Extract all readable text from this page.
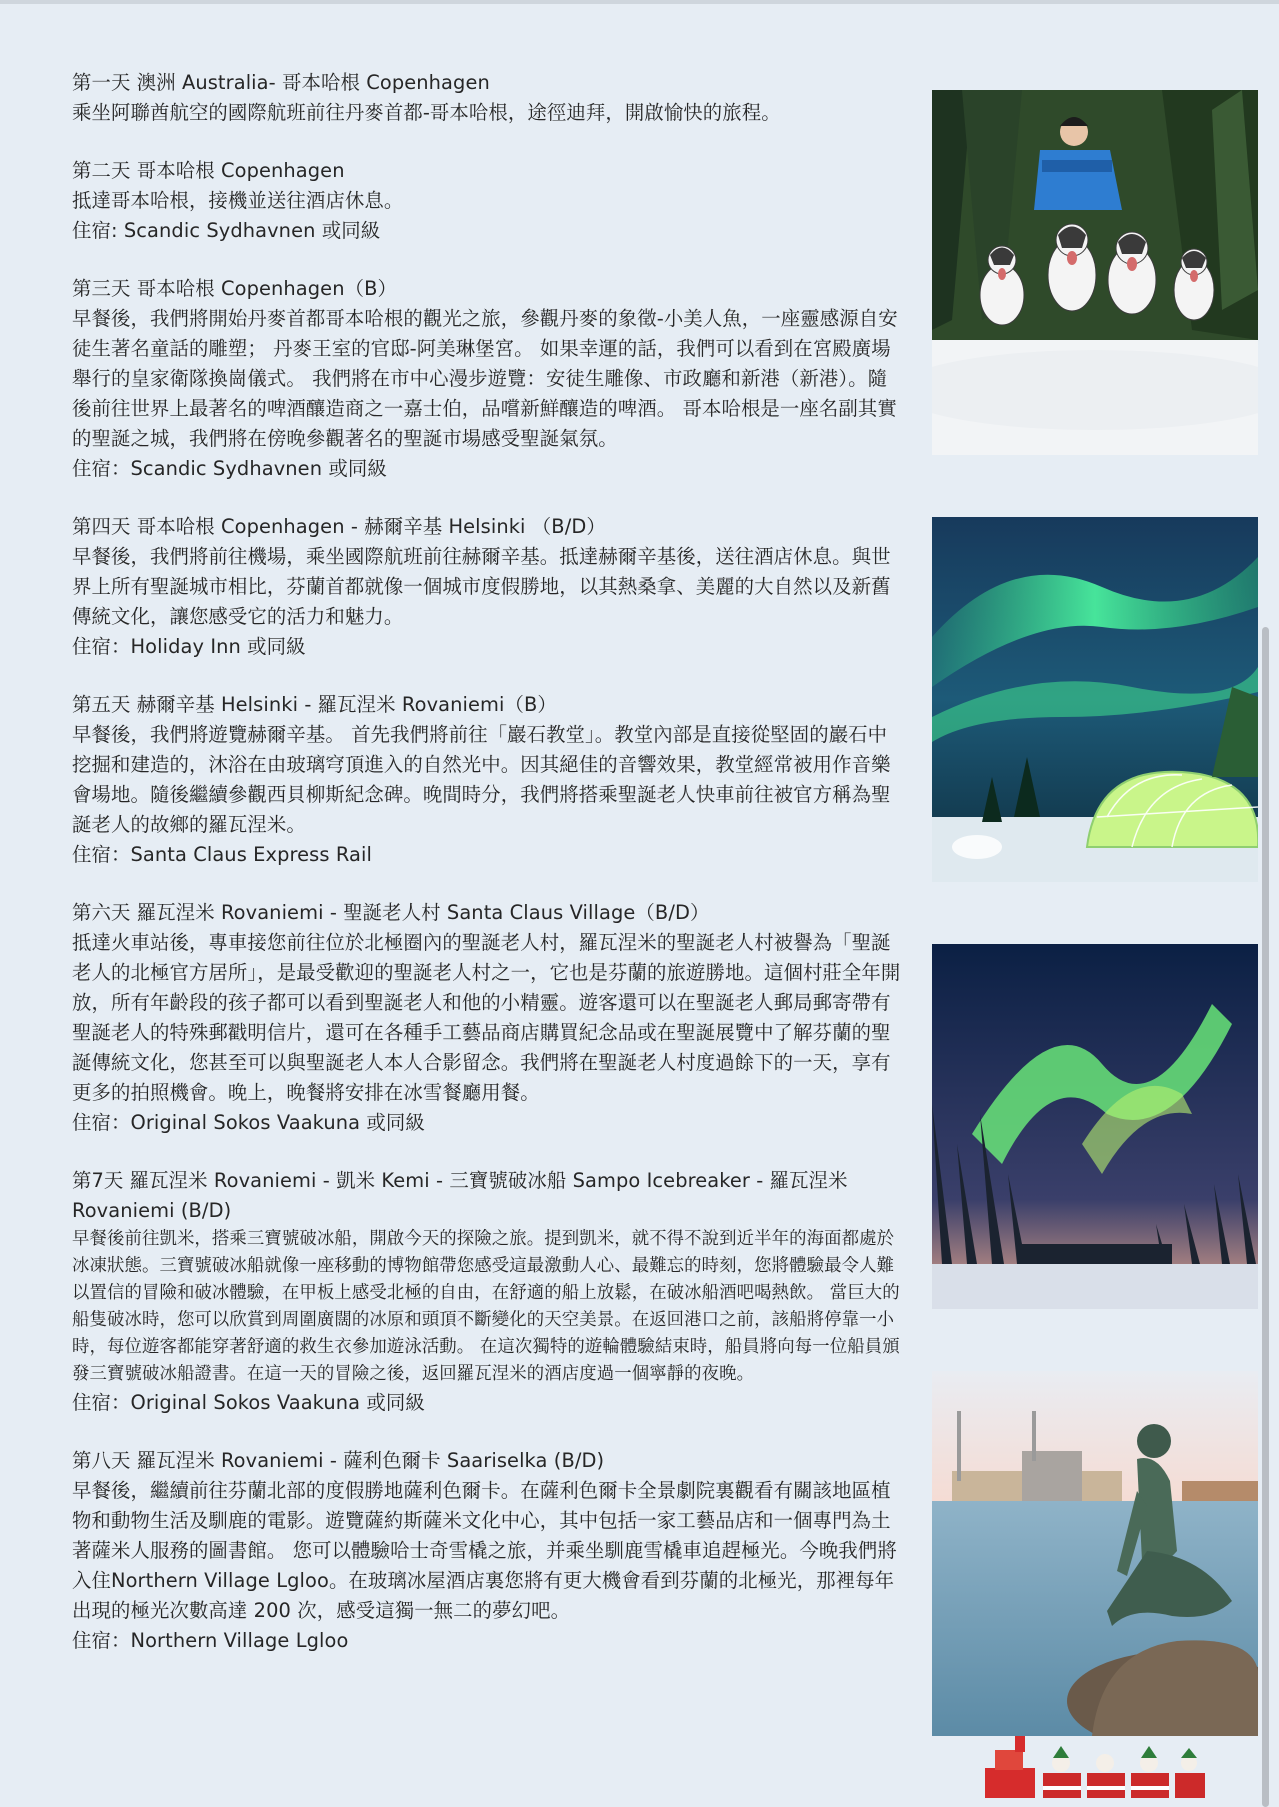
第一天 澳洲 Australia- 哥本哈根 Copenhagen

乘坐阿聯酋航空的國際航班前往丹麥首都-哥本哈根，途徑迪拜，開啟愉快的旅程。

第二天 哥本哈根 Copenhagen

抵達哥本哈根，接機並送往酒店休息。

住宿: Scandic Sydhavnen 或同級

第三天 哥本哈根 Copenhagen（B）

早餐後，我們將開始丹麥首都哥本哈根的觀光之旅，參觀丹麥的象徵-小美人魚，一座靈感源自安徒生著名童話的雕塑； 丹麥王室的官邸-阿美琳堡宮。 如果幸運的話，我們可以看到在宮殿廣場舉行的皇家衛隊換崗儀式。 我們將在市中心漫步遊覽：安徒生雕像、市政廳和新港（新港）。隨後前往世界上最著名的啤酒釀造商之一嘉士伯，品嚐新鮮釀造的啤酒。 哥本哈根是一座名副其實的聖誕之城，我們將在傍晚參觀著名的聖誕市場感受聖誕氣氛。

住宿：Scandic Sydhavnen 或同級

第四天 哥本哈根 Copenhagen - 赫爾辛基 Helsinki （B/D）

早餐後，我們將前往機場，乘坐國際航班前往赫爾辛基。抵達赫爾辛基後，送往酒店休息。與世界上所有聖誕城市相比，芬蘭首都就像一個城市度假勝地，以其熱桑拿、美麗的大自然以及新舊傳統文化，讓您感受它的活力和魅力。

住宿：Holiday Inn 或同級

第五天 赫爾辛基 Helsinki - 羅瓦涅米 Rovaniemi（B）

早餐後，我們將遊覽赫爾辛基。 首先我們將前往「巖石教堂」。教堂內部是直接從堅固的巖石中挖掘和建造的，沐浴在由玻璃穹頂進入的自然光中。因其絕佳的音響效果，教堂經常被用作音樂會場地。隨後繼續參觀西貝柳斯紀念碑。晚間時分，我們將搭乘聖誕老人快車前往被官方稱為聖誕老人的故鄉的羅瓦涅米。

住宿：Santa Claus Express Rail

第六天 羅瓦涅米 Rovaniemi - 聖誕老人村 Santa Claus Village（B/D）

抵達火車站後，專車接您前往位於北極圈內的聖誕老人村，羅瓦涅米的聖誕老人村被譽為「聖誕老人的北極官方居所」，是最受歡迎的聖誕老人村之一，它也是芬蘭的旅遊勝地。這個村莊全年開放，所有年齡段的孩子都可以看到聖誕老人和他的小精靈。遊客還可以在聖誕老人郵局郵寄帶有聖誕老人的特殊郵戳明信片，還可在各種手工藝品商店購買紀念品或在聖誕展覽中了解芬蘭的聖誕傳統文化，您甚至可以與聖誕老人本人合影留念。我們將在聖誕老人村度過餘下的一天，享有更多的拍照機會。晚上，晚餐將安排在冰雪餐廳用餐。

住宿：Original Sokos Vaakuna 或同級

第7天 羅瓦涅米 Rovaniemi - 凱米 Kemi - 三寶號破冰船 Sampo Icebreaker - 羅瓦涅米 Rovaniemi (B/D)

早餐後前往凱米，搭乘三寶號破冰船，開啟今天的探險之旅。提到凱米，就不得不說到近半年的海面都處於冰凍狀態。三寶號破冰船就像一座移動的博物館帶您感受這最激動人心、最難忘的時刻，您將體驗最令人難以置信的冒險和破冰體驗，在甲板上感受北極的自由，在舒適的船上放鬆，在破冰船酒吧喝熱飲。 當巨大的船隻破冰時，您可以欣賞到周圍廣闊的冰原和頭頂不斷變化的天空美景。在返回港口之前，該船將停靠一小時，每位遊客都能穿著舒適的救生衣參加遊泳活動。 在這次獨特的遊輪體驗結束時，船員將向每一位船員頒發三寶號破冰船證書。在這一天的冒險之後，返回羅瓦涅米的酒店度過一個寧靜的夜晚。

住宿：Original Sokos Vaakuna 或同級

第八天 羅瓦涅米 Rovaniemi - 薩利色爾卡 Saariselka (B/D)

早餐後，繼續前往芬蘭北部的度假勝地薩利色爾卡。在薩利色爾卡全景劇院裏觀看有關該地區植物和動物生活及馴鹿的電影。遊覽薩約斯薩米文化中心，其中包括一家工藝品店和一個專門為土著薩米人服務的圖書館。 您可以體驗哈士奇雪橇之旅，并乘坐馴鹿雪橇車追趕極光。今晚我們將入住Northern Village Lgloo。在玻璃冰屋酒店裏您將有更大機會看到芬蘭的北極光，那裡每年出現的極光次數高達 200 次，感受這獨一無二的夢幻吧。

住宿：Northern Village Lgloo
